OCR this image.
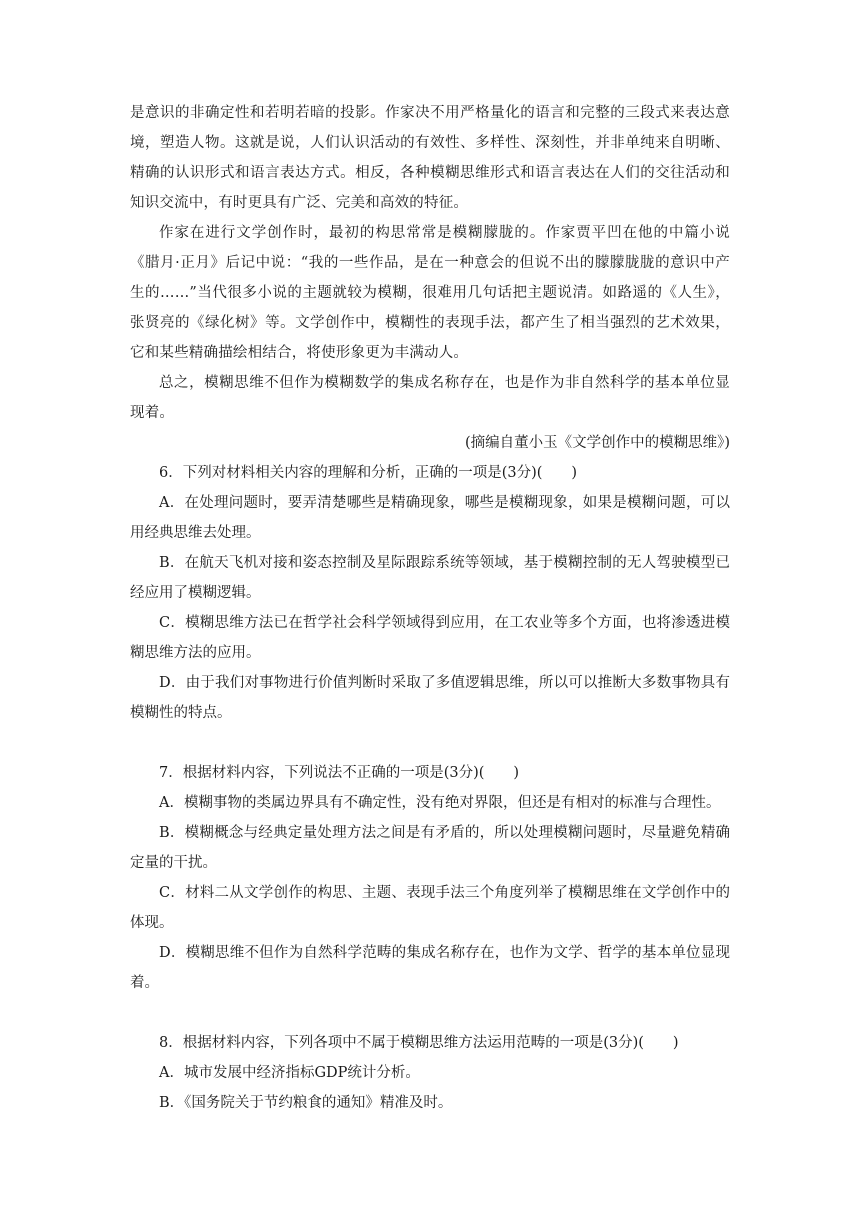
是意识的非确定性和若明若暗的投影。作家决不用严格量化的语言和完整的三段式来表达意境，塑造人物。这就是说，人们认识活动的有效性、多样性、深刻性，并非单纯来自明晰、精确的认识形式和语言表达方式。相反，各种模糊思维形式和语言表达在人们的交往活动和知识交流中，有时更具有广泛、完美和高效的特征。

作家在进行文学创作时，最初的构思常常是模糊朦胧的。作家贾平凹在他的中篇小说《腊月·正月》后记中说：“我的一些作品，是在一种意会的但说不出的朦朦胧胧的意识中产生的……”当代很多小说的主题就较为模糊，很难用几句话把主题说清。如路遥的《人生》，张贤亮的《绿化树》等。文学创作中，模糊性的表现手法，都产生了相当强烈的艺术效果，它和某些精确描绘相结合，将使形象更为丰满动人。

总之，模糊思维不但作为模糊数学的集成名称存在，也是作为非自然科学的基本单位显现着。

(摘编自董小玉《文学创作中的模糊思维》)

6．下列对材料相关内容的理解和分析，正确的一项是(3分)(　　)

A．在处理问题时，要弄清楚哪些是精确现象，哪些是模糊现象，如果是模糊问题，可以用经典思维去处理。

B．在航天飞机对接和姿态控制及星际跟踪系统等领域，基于模糊控制的无人驾驶模型已经应用了模糊逻辑。

C．模糊思维方法已在哲学社会科学领域得到应用，在工农业等多个方面，也将渗透进模糊思维方法的应用。

D．由于我们对事物进行价值判断时采取了多值逻辑思维，所以可以推断大多数事物具有模糊性的特点。

7．根据材料内容，下列说法不正确的一项是(3分)(　　)

A．模糊事物的类属边界具有不确定性，没有绝对界限，但还是有相对的标准与合理性。

B．模糊概念与经典定量处理方法之间是有矛盾的，所以处理模糊问题时，尽量避免精确定量的干扰。

C．材料二从文学创作的构思、主题、表现手法三个角度列举了模糊思维在文学创作中的体现。

D．模糊思维不但作为自然科学范畴的集成名称存在，也作为文学、哲学的基本单位显现着。

8．根据材料内容，下列各项中不属于模糊思维方法运用范畴的一项是(3分)(　　)

A．城市发展中经济指标GDP统计分析。

B．《国务院关于节约粮食的通知》精准及时。
